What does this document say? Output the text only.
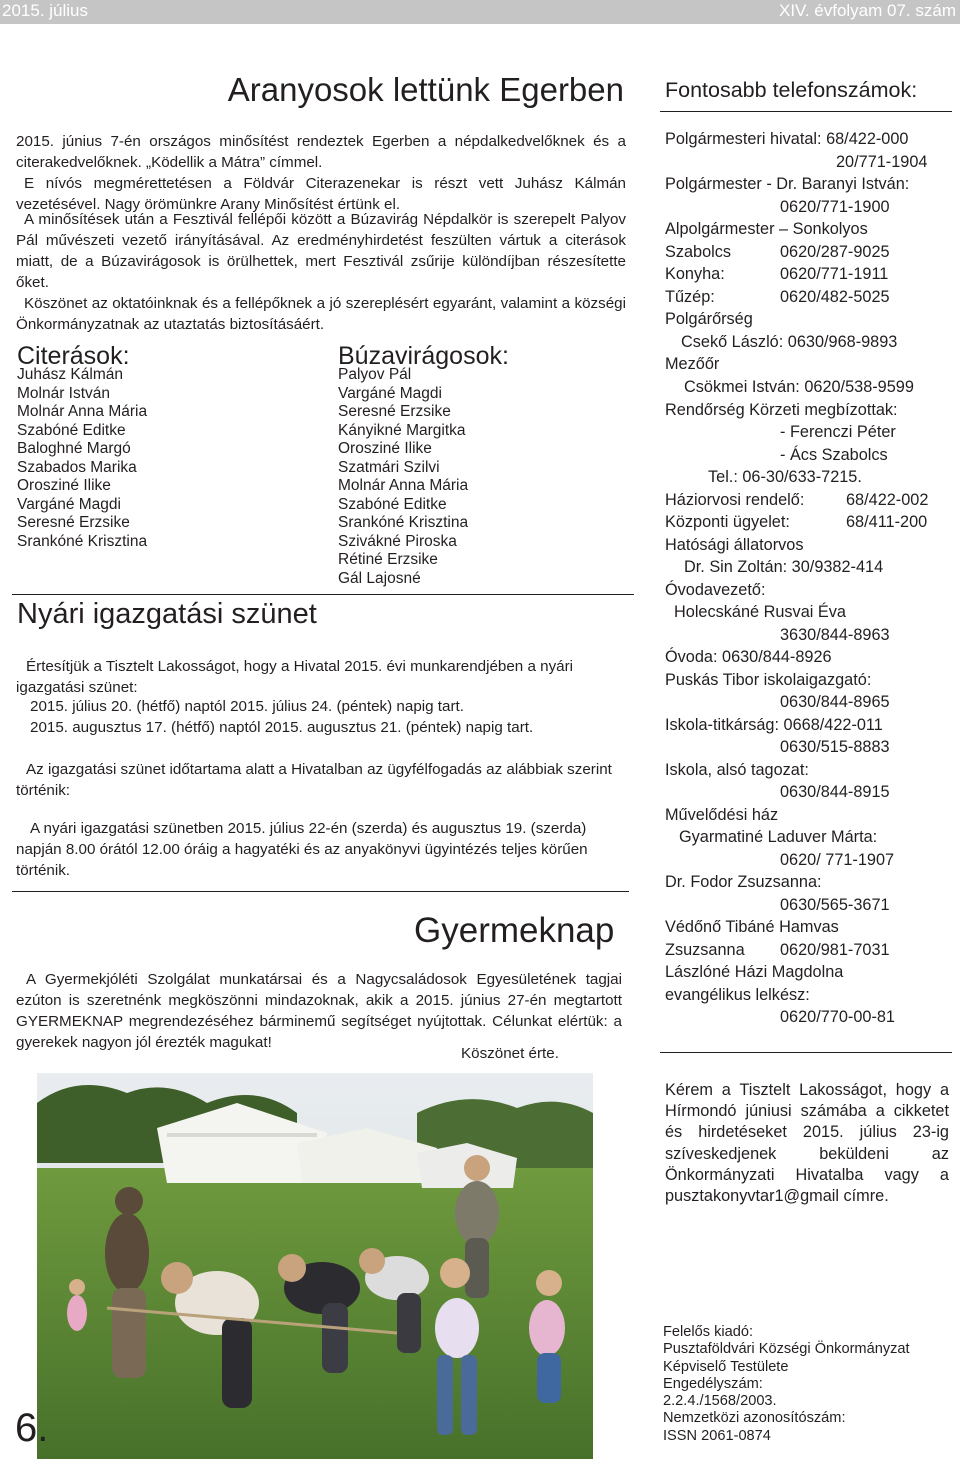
2015. július	XIV. évfolyam 07. szám
Aranyosok lettünk Egerben

2015. június 7-én országos minősítést rendeztek Egerben a népdalkedvelőknek és a citerakedvelőknek. „Ködellik a Mátra” címmel.

E nívós megmérettetésen a Földvár Citerazenekar is részt vett Juhász Kálmán vezetésével. Nagy örömünkre Arany Minősítést értünk el.

A minősítések után a Fesztivál fellépői között a Búzavirág Népdalkör is szerepelt Palyov Pál művészeti vezető irányításával. Az eredményhirdetést feszülten vártuk a citerások miatt, de a Búzavirágosok is örülhettek, mert Fesztivál zsűrije különdíjban részesítette őket.

Köszönet az oktatóinknak és a fellépőknek a jó szereplésért egyaránt, valamint a községi Önkormányzatnak az utaztatás biztosításáért.

Citerások:
Juhász Kálmán
Molnár István
Molnár Anna Mária
Szabóné Editke
Baloghné Margó
Szabados Marika
Orosziné Ilike
Vargáné Magdi
Seresné Erzsike
Srankóné Krisztina
Búzavirágosok:
Palyov Pál
Vargáné Magdi
Seresné Erzsike
Kányikné Margitka
Orosziné Ilike
Szatmári Szilvi
Molnár Anna Mária
Szabóné Editke
Srankóné Krisztina
Szivákné Piroska
Rétiné Erzsike
Gál Lajosné
Nyári igazgatási szünet

Értesítjük a Tisztelt Lakosságot, hogy a Hivatal 2015. évi munkarendjében a nyári igazgatási szünet:

2015. július 20. (hétfő) naptól 2015. július 24. (péntek) napig tart.

2015. augusztus 17. (hétfő) naptól 2015. augusztus 21. (péntek) napig tart.

Az igazgatási szünet időtartama alatt a Hivatalban az ügyfélfogadás az alábbiak szerint történik:

A nyári igazgatási szünetben 2015. július 22-én (szerda) és augusztus 19. (szerda) napján 8.00 órától 12.00 óráig a hagyatéki és az anyakönyvi ügyintézés teljes körűen történik.

Gyermeknap

A Gyermekjóléti Szolgálat munkatársai és a Nagycsaládosok Egyesületének tagjai ezúton is szeretnénk megköszönni mindazoknak, akik a 2015. június 27-én megtartott GYERMEKNAP megrendezéséhez bárminemű segítséget nyújtottak. Célunkat elértük: a gyerekek nagyon jól érezték magukat!

Köszönet érte.
Fontosabb telefonszámok:
Polgármesteri hivatal: 68/422-000
20/771-1904
Polgármester - Dr. Baranyi István:
0620/771-1900
Alpolgármester – Sonkolyos
Szabolcs	0620/287-9025
Konyha:	0620/771-1911
Tűzép:	0620/482-5025
Polgárőrség
Csekő László: 0630/968-9893
Mezőőr
Csökmei István: 0620/538-9599
Rendőrség Körzeti megbízottak:
- Ferenczi Péter
- Ács Szabolcs
Tel.: 06-30/633-7215.
Háziorvosi rendelő:	68/422-002
Központi ügyelet:	68/411-200
Hatósági állatorvos
Dr. Sin Zoltán: 30/9382-414
Óvodavezető:
Holecskáné Rusvai Éva
3630/844-8963
Óvoda: 0630/844-8926
Puskás Tibor iskolaigazgató:
0630/844-8965
Iskola-titkárság: 0668/422-011
0630/515-8883
Iskola, alsó tagozat:
0630/844-8915
Művelődési ház
Gyarmatiné Laduver Márta:
0620/ 771-1907
Dr. Fodor Zsuzsanna:
0630/565-3671
Védőnő Tibáné Hamvas
Zsuzsanna 0620/981-7031
Lászlóné Házi Magdolna
evangélikus lelkész:
0620/770-00-81
Kérem a Tisztelt Lakosságot, hogy a Hírmondó júniusi számába a cikketet és hirdetéseket 2015. július 23-ig szíveskedjenek beküldeni az Önkormányzati Hivatalba vagy a pusztakonyvtar1@gmail címre.
Felelős kiadó:
Pusztaföldvári Községi Önkormányzat
Képviselő Testülete
Engedélyszám:
2.2.4./1568/2003.
Nemzetközi azonosítószám:
ISSN 2061-0874
6.
